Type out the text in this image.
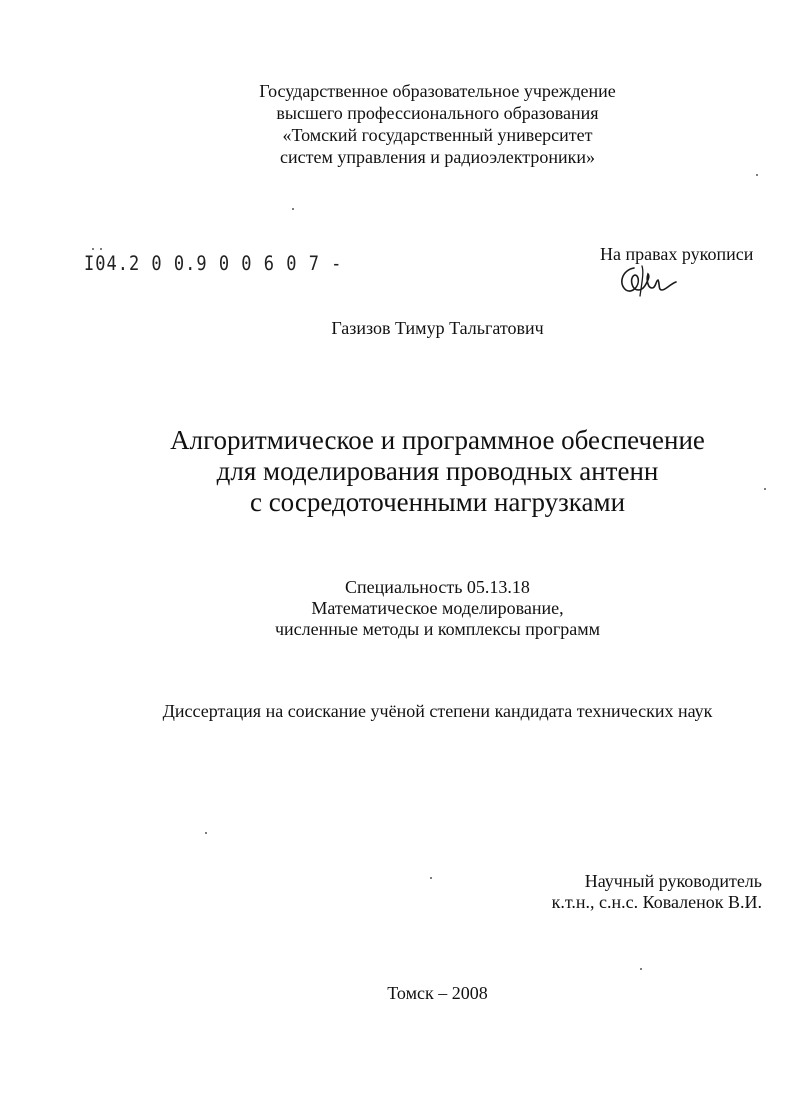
Государственное образовательное учреждение
высшего профессионального образования
«Томский государственный университет
систем управления и радиоэлектроники»
I04.2 0 0.9 0 0 6 0 7 -	На правах рукописи
Газизов Тимур Тальгатович
Алгоритмическое и программное обеспечение
для моделирования проводных антенн
с сосредоточенными нагрузками
Специальность 05.13.18
Математическое моделирование,
численные методы и комплексы программ
Диссертация на соискание учёной степени кандидата технических наук
Научный руководитель
к.т.н., с.н.с. Коваленок В.И.
Томск – 2008
